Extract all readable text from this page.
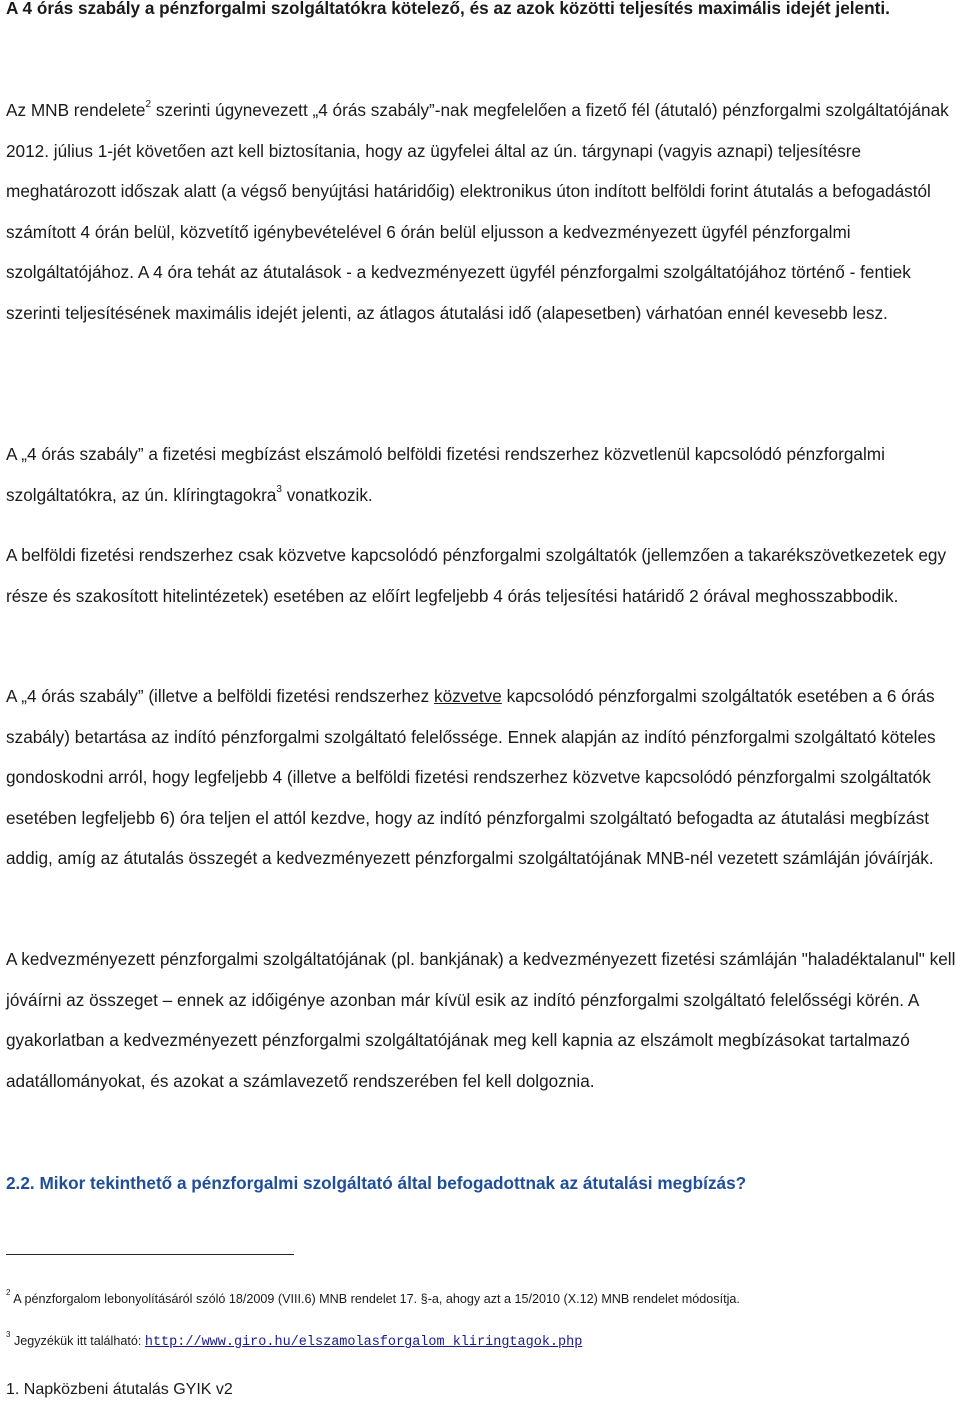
A 4 órás szabály a pénzforgalmi szolgáltatókra kötelező, és az azok közötti teljesítés maximális idejét jelenti.

Az MNB rendelete$^2$ szerinti úgynevezett „4 órás szabály”-nak megfelelően a fizető fél (átutaló) pénzforgalmi szolgáltatójának 2012. július 1-jét követően azt kell biztosítania, hogy az ügyfelei által az ún. tárgynapi (vagyis aznapi) teljesítésre meghatározott időszak alatt (a végső benyújtási határidőig) elektronikus úton indított belföldi forint átutalás a befogadástól számított 4 órán belül, közvetítő igénybevételével 6 órán belül eljusson a kedvezményezett ügyfél pénzforgalmi szolgáltatójához. A 4 óra tehát az átutalások - a kedvezményezett ügyfél pénzforgalmi szolgáltatójához történő - fentiek szerinti teljesítésének maximális idejét jelenti, az átlagos átutalási idő (alapesetben) várhatóan ennél kevesebb lesz.

A „4 órás szabály” a fizetési megbízást elszámoló belföldi fizetési rendszerhez közvetlenül kapcsolódó pénzforgalmi szolgáltatókra, az ún. klíringtagokra$^3$ vonatkozik.

A belföldi fizetési rendszerhez csak közvetve kapcsolódó pénzforgalmi szolgáltatók (jellemzően a takarékszövetkezetek egy része és szakosított hitelintézetek) esetében az előírt legfeljebb 4 órás teljesítési határidő 2 órával meghosszabbodik.

A „4 órás szabály” (illetve a belföldi fizetési rendszerhez közvetve kapcsolódó pénzforgalmi szolgáltatók esetében a 6 órás szabály) betartása az indító pénzforgalmi szolgáltató felelőssége. Ennek alapján az indító pénzforgalmi szolgáltató köteles gondoskodni arról, hogy legfeljebb 4 (illetve a belföldi fizetési rendszerhez közvetve kapcsolódó pénzforgalmi szolgáltatók esetében legfeljebb 6) óra teljen el attól kezdve, hogy az indító pénzforgalmi szolgáltató befogadta az átutalási megbízást addig, amíg az átutalás összegét a kedvezményezett pénzforgalmi szolgáltatójának MNB-nél vezetett számláján jóváírják.

A kedvezményezett pénzforgalmi szolgáltatójának (pl. bankjának) a kedvezményezett fizetési számláján "haladéktalanul" kell jóváírni az összeget – ennek az időigénye azonban már kívül esik az indító pénzforgalmi szolgáltató felelősségi körén. A gyakorlatban a kedvezményezett pénzforgalmi szolgáltatójának meg kell kapnia az elszámolt megbízásokat tartalmazó adatállományokat, és azokat a számlavezető rendszerében fel kell dolgoznia.

2.2. Mikor tekinthető a pénzforgalmi szolgáltató által befogadottnak az átutalási megbízás?
$^2$ A pénzforgalom lebonyolításáról szóló 18/2009 (VIII.6) MNB rendelet 17. §-a, ahogy azt a 15/2010 (X.12) MNB rendelet módosítja.
$^3$ Jegyzékük itt található: http://www.giro.hu/elszamolasforgalom_kliringtagok.php
1. Napközbeni átutalás GYIK v2
